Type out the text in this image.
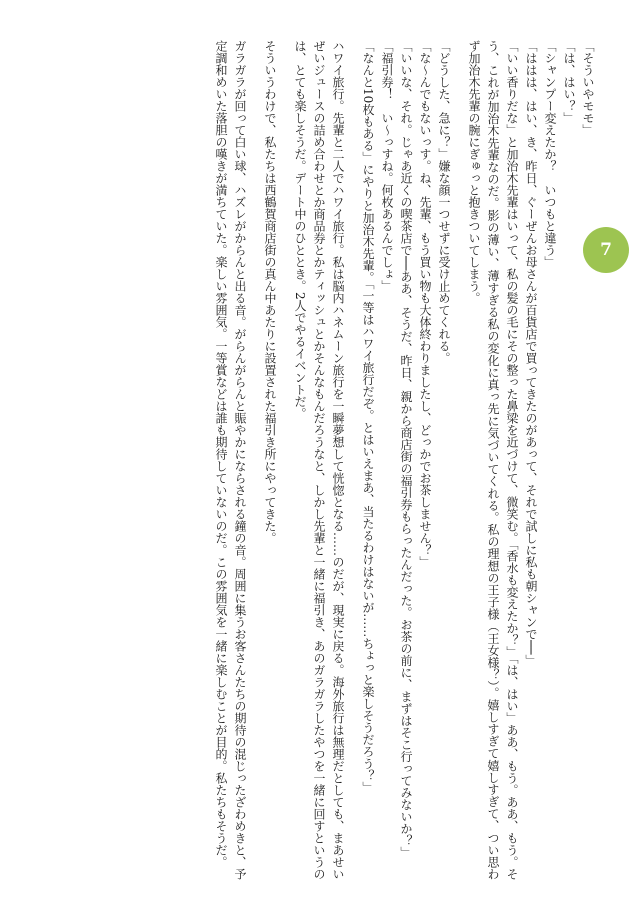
「そういやモモ」
「は、はい？」
「シャンプー変えたか？　いつもと違う」
「ははは、はい、き、昨日、ぐーぜんお母さんが百貨店で買ってきたのがあって、それで試しに私も朝シャンで──」
「いい香りだな」と加治木先輩はいって、私の髪の毛にその整った鼻梁を近づけて、微笑む。「香水も変えたか？」「は、はい」ああ、もう。ああ、もう。そう、これが加治木先輩なのだ。影の薄い、薄すぎる私の変化に真っ先に気づいてくれる。私の理想の王子様（王女様？）。嬉しすぎて嬉しすぎて、つい思わず加治木先輩の腕にぎゅっと抱きついてしまう。
「どうした、急に？」嫌な顔一つせずに受け止めてくれる。
「な～んでもないっす。ね、先輩、もう買い物も大体終わりましたし、どっかでお茶しません？」
「いいな、それ。じゃあ近くの喫茶店で──ああ、そうだ、昨日、親から商店街の福引券もらったんだった。お茶の前に、まずはそこ行ってみないか？」
「福引券！　い～っすね。何枚あるんでしょ」
「なんと10枚もある」にやりと加治木先輩。「一等はハワイ旅行だぞ。とはいえまあ、当たるわけはないが……ちょっと楽しそうだろう？」
ハワイ旅行。先輩と二人でハワイ旅行。私は脳内ハネムーン旅行を一瞬夢想して恍惚となる……のだが、現実に戻る。海外旅行は無理だとしても、まあせいぜいジュースの詰め合わせとか商品券とかティッシュとかそんなもんだろうなと、しかし先輩と一緒に福引き、あのガラガラしたやつを一緒に回すというのは、とても楽しそうだ。デート中のひととき。2人でやるイベントだ。
そういうわけで、私たちは西鶴賀商店街の真ん中あたりに設置された福引き所にやってきた。
ガラガラが回って白い球、ハズレがからんと出る音。がらんがらんと賑やかにならされる鐘の音。周囲に集うお客さんたちの期待の混じったざわめきと、予定調和めいた落胆の嘆きが満ちていた。楽しい雰囲気。一等賞などは誰も期待していないのだ。この雰囲気を一緒に楽しむことが目的。私たちもそうだ。	7
